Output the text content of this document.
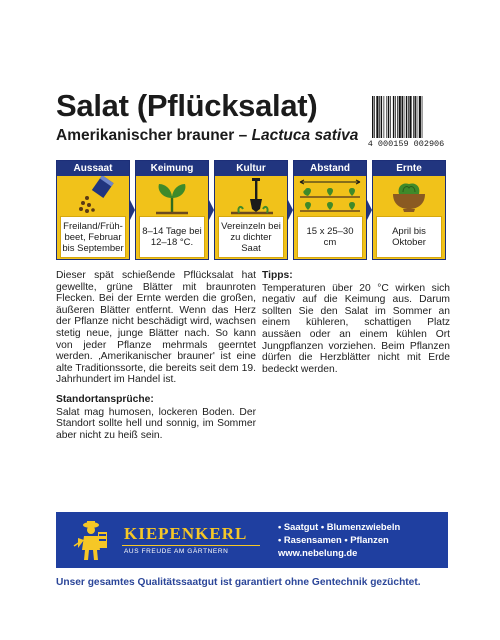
Salat (Pflücksalat)
Amerikanischer brauner – Lactuca sativa 4 000159 002906
Aussaat
Freiland/Früh-beet, Februar bis September
Keimung
8–14 Tage bei 12–18 °C.
Kultur
Vereinzeln bei zu dichter Saat
Abstand
15 x 25–30 cm
Ernte
April bis Oktober

Dieser spät schießende Pflücksalat hat gewellte, grüne Blätter mit braunroten Flecken. Bei der Ernte werden die großen, äußeren Blätter entfernt. Wenn das Herz der Pflanze nicht beschädigt wird, wachsen stetig neue, junge Blätter nach. So kann von jeder Pflanze mehrmals geerntet werden. ‚Amerikanischer brauner' ist eine alte Traditionssorte, die bereits seit dem 19. Jahrhundert im Handel ist.

Standortansprüche:

Salat mag humosen, lockeren Boden. Der Standort sollte hell und sonnig, im Sommer aber nicht zu heiß sein.

Tipps:

Temperaturen über 20 °C wirken sich negativ auf die Keimung aus. Darum sollten Sie den Salat im Sommer an einem kühleren, schattigen Platz aussäen oder an einem kühlen Ort Jungpflanzen vorziehen. Beim Pflanzen dürfen die Herzblätter nicht mit Erde bedeckt werden.

KIEPENKERL
AUS FREUDE AM GÄRTNERN
• Saatgut • Blumenzwiebeln
• Rasensamen • Pflanzen
www.nebelung.de
Unser gesamtes Qualitätssaatgut ist garantiert ohne Gentechnik gezüchtet.
